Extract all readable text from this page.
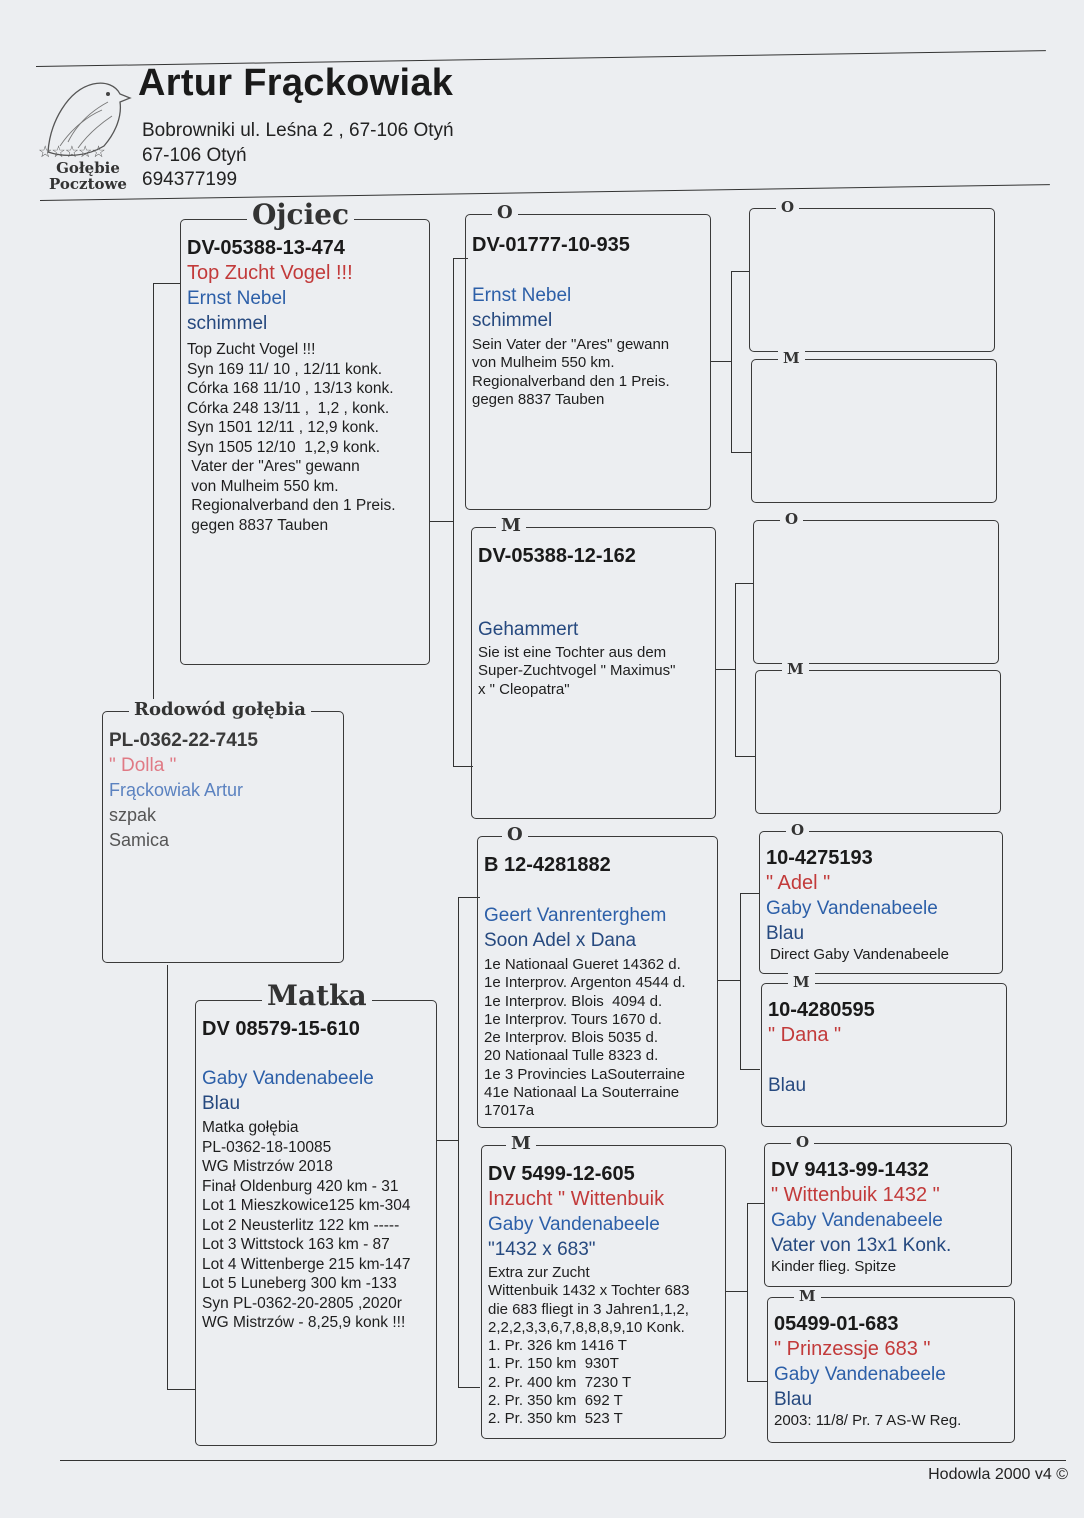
☆☆☆☆☆
Gołębie
Pocztowe
Artur Frąckowiak
Bobrowniki ul. Leśna 2 , 67-106 Otyń
67-106 Otyń
694377199
Rodowód gołębia
PL-0362-22-7415
" Dolla "
Frąckowiak Artur
szpak
Samica
Ojciec
DV-05388-13-474
Top Zucht Vogel !!!
Ernst Nebel
schimmel
Top Zucht Vogel !!!
Syn 169 11/ 10 , 12/11 konk.
Córka 168 11/10 , 13/13 konk.
Córka 248 13/11 ,  1,2 , konk.
Syn 1501 12/11 , 12,9 konk.
Syn 1505 12/10  1,2,9 konk.
Vater der "Ares" gewann
von Mulheim 550 km.
Regionalverband den 1 Preis.
gegen 8837 Tauben
Matka
DV 08579-15-610
Gaby Vandenabeele
Blau
Matka gołębia
PL-0362-18-10085
WG Mistrzów 2018
Finał Oldenburg 420 km - 31
Lot 1 Mieszkowice125 km-304
Lot 2 Neusterlitz 122 km -----
Lot 3 Wittstock 163 km - 87
Lot 4 Wittenberge 215 km-147
Lot 5 Luneberg 300 km -133
Syn PL-0362-20-2805 ,2020r
WG Mistrzów - 8,25,9 konk !!!
O
DV-01777-10-935
Ernst Nebel
schimmel
Sein Vater der "Ares" gewann
von Mulheim 550 km.
Regionalverband den 1 Preis.
gegen 8837 Tauben
M
DV-05388-12-162
Gehammert
Sie ist eine Tochter aus dem
Super-Zuchtvogel " Maximus"
x " Cleopatra"
O
B 12-4281882
Geert Vanrenterghem
Soon Adel x Dana
1e Nationaal Gueret 14362 d.
1e Interprov. Argenton 4544 d.
1e Interprov. Blois  4094 d.
1e Interprov. Tours 1670 d.
2e Interprov. Blois 5035 d.
20 Nationaal Tulle 8323 d.
1e 3 Provincies LaSouterraine
41e Nationaal La Souterraine
17017a
M
DV 5499-12-605
Inzucht " Wittenbuik
Gaby Vandenabeele
"1432 x 683"
Extra zur Zucht
Wittenbuik 1432 x Tochter 683
die 683 fliegt in 3 Jahren1,1,2,
2,2,2,3,3,6,7,8,8,8,9,10 Konk.
1. Pr. 326 km 1416 T
1. Pr. 150 km  930T
2. Pr. 400 km  7230 T
2. Pr. 350 km  692 T
2. Pr. 350 km  523 T
O
M
O
M
O
10-4275193
" Adel "
Gaby Vandenabeele
Blau
Direct Gaby Vandenabeele
M
10-4280595
" Dana "
Blau
O
DV 9413-99-1432
" Wittenbuik 1432 "
Gaby Vandenabeele
Vater von 13x1 Konk.
Kinder flieg. Spitze
M
05499-01-683
" Prinzessje 683 "
Gaby Vandenabeele
Blau
2003: 11/8/ Pr. 7 AS-W Reg.
Hodowla 2000 v4 ©
